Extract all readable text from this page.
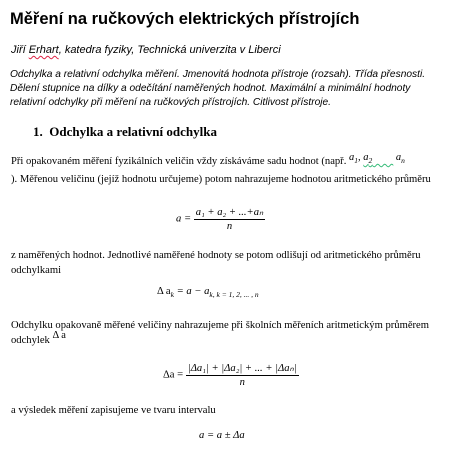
Měření na ručkových elektrických přístrojích
Jiří Erhart, katedra fyziky, Technická univerzita v Liberci
Odchylka a relativní odchylka měření. Jmenovitá hodnota přístroje (rozsah). Třída přesnosti. Dělení stupnice na dílky a odečítání naměřených hodnot. Maximální a minimální hodnoty relativní odchylky při měření na ručkových přístrojích. Citlivost přístroje.
1. Odchylka a relativní odchylka
Při opakovaném měření fyzikálních veličin vždy získáváme sadu hodnot (např. $a_1$, $a_2$ $a_n$
). Měřenou veličinu (jejíž hodnotu určujeme) potom nahrazujeme hodnotou aritmetického průměru
$a = \frac{\text{a₁ + a₂ + ...+aₙ}}{n}$
z naměřených hodnot. Jednotlivé naměřené hodnoty se potom odlišují od aritmetického průměru odchylkami
Δ $a_k = a - a_{k, k = 1, 2, ... , n}$
Odchylku opakovaně měřené veličiny nahrazujeme při školních měřeních aritmetickým průměrem odchylek Δ a
$\Delta a = \frac{\text{|Δa₁| + |Δa₂| + ... + |Δaₙ|}}{n}$
a výsledek měření zapisujeme ve tvaru intervalu
a = a ± Δa
